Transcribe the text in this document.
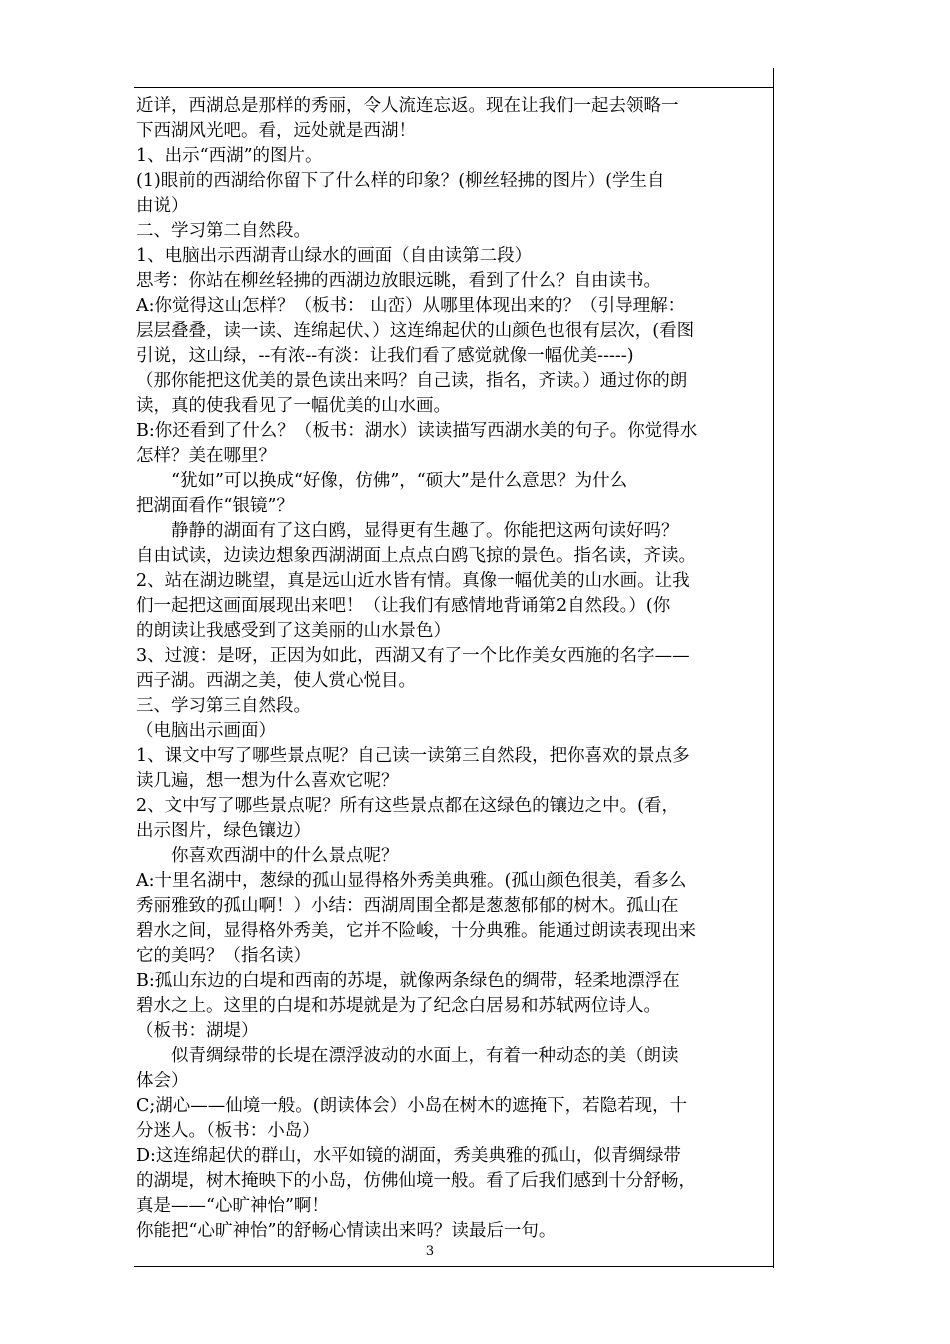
近详，西湖总是那样的秀丽，令人流连忘返。现在让我们一起去领略一
下西湖风光吧。看，远处就是西湖！
1、出示“西湖”的图片。
(1)眼前的西湖给你留下了什么样的印象？(柳丝轻拂的图片）(学生自
由说）
二、学习第二自然段。
1、电脑出示西湖青山绿水的画面（自由读第二段）
思考：你站在柳丝轻拂的西湖边放眼远眺，看到了什么？自由读书。
A:你觉得这山怎样？（板书： 山峦）从哪里体现出来的？（引导理解：
层层叠叠，读一读、连绵起伏、）这连绵起伏的山颜色也很有层次，(看图
引说，这山绿，--有浓--有淡：让我们看了感觉就像一幅优美-----)
（那你能把这优美的景色读出来吗？自己读，指名，齐读。）通过你的朗
读，真的使我看见了一幅优美的山水画。
B:你还看到了什么？（板书：湖水）读读描写西湖水美的句子。你觉得水
怎样？美在哪里？
“犹如”可以换成“好像，仿佛”，“硕大”是什么意思？为什么
把湖面看作“银镜”？
静静的湖面有了这白鸥，显得更有生趣了。你能把这两句读好吗？
自由试读，边读边想象西湖湖面上点点白鸥飞掠的景色。指名读，齐读。
2、站在湖边眺望，真是远山近水皆有情。真像一幅优美的山水画。让我
们一起把这画面展现出来吧！（让我们有感情地背诵第2自然段。）(你
的朗读让我感受到了这美丽的山水景色）
3、过渡：是呀，正因为如此，西湖又有了一个比作美女西施的名字——
西子湖。西湖之美，使人赏心悦目。
三、学习第三自然段。
（电脑出示画面）
1、课文中写了哪些景点呢？自己读一读第三自然段，把你喜欢的景点多
读几遍，想一想为什么喜欢它呢？
2、文中写了哪些景点呢？所有这些景点都在这绿色的镶边之中。(看，
出示图片，绿色镶边）
你喜欢西湖中的什么景点呢？
A:十里名湖中，葱绿的孤山显得格外秀美典雅。(孤山颜色很美，看多么
秀丽雅致的孤山啊！）小结：西湖周围全都是葱葱郁郁的树木。孤山在
碧水之间，显得格外秀美，它并不险峻，十分典雅。能通过朗读表现出来
它的美吗？（指名读）
B:孤山东边的白堤和西南的苏堤，就像两条绿色的绸带，轻柔地漂浮在
碧水之上。这里的白堤和苏堤就是为了纪念白居易和苏轼两位诗人。
（板书：湖堤）
似青绸绿带的长堤在漂浮波动的水面上，有着一种动态的美（朗读
体会）
C;湖心——仙境一般。(朗读体会）小岛在树木的遮掩下，若隐若现，十
分迷人。（板书：小岛）
D:这连绵起伏的群山，水平如镜的湖面，秀美典雅的孤山，似青绸绿带
的湖堤，树木掩映下的小岛，仿佛仙境一般。看了后我们感到十分舒畅，
真是——“心旷神怡”啊！
你能把“心旷神怡”的舒畅心情读出来吗？读最后一句。
3
